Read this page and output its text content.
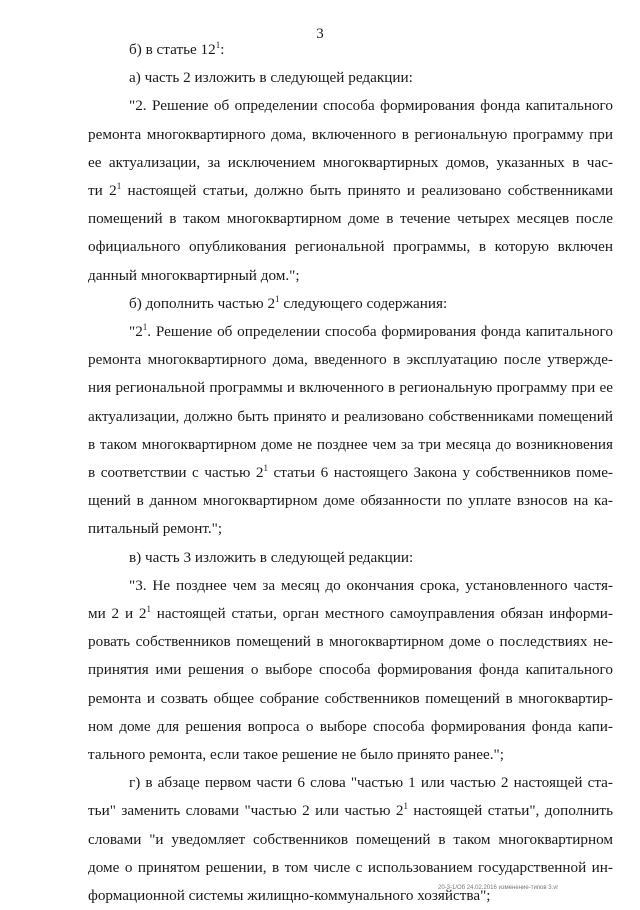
3
б) в статье $12^1$:
а) часть 2 изложить в следующей редакции:
"2. Решение об определении способа формирования фонда капитального
ремонта многоквартирного дома, включенного в региональную программу при
ее актуализации, за исключением многоквартирных домов, указанных в час-
ти $2^1$ настоящей статьи, должно быть принято и реализовано собственниками
помещений в таком многоквартирном доме в течение четырех месяцев после
официального опубликования региональной программы, в которую включен
данный многоквартирный дом.";
б) дополнить частью $2^1$ следующего содержания:
"$2^1$. Решение об определении способа формирования фонда капитального
ремонта многоквартирного дома, введенного в эксплуатацию после утвержде-
ния региональной программы и включенного в региональную программу при ее
актуализации, должно быть принято и реализовано собственниками помещений
в таком многоквартирном доме не позднее чем за три месяца до возникновения
в соответствии с частью $2^1$ статьи 6 настоящего Закона у собственников поме-
щений в данном многоквартирном доме обязанности по уплате взносов на ка-
питальный ремонт.";
в) часть 3 изложить в следующей редакции:
"3. Не позднее чем за месяц до окончания срока, установленного частя-
ми 2 и $2^1$ настоящей статьи, орган местного самоуправления обязан информи-
ровать собственников помещений в многоквартирном доме о последствиях не-
принятия ими решения о выборе способа формирования фонда капитального
ремонта и созвать общее собрание собственников помещений в многоквартир-
ном доме для решения вопроса о выборе способа формирования фонда капи-
тального ремонта, если такое решение не было принято ранее.";
г) в абзаце первом части 6 слова "частью 1 или частью 2 настоящей ста-
тьи" заменить словами "частью 2 или частью $2^1$ настоящей статьи", дополнить
словами "и уведомляет собственников помещений в таком многоквартирном
доме о принятом решении, в том числе с использованием государственной ин-
формационной системы жилищно-коммунального хозяйства";
20-3-1/Об 24.02.2016 изменение-типов 3.vr
